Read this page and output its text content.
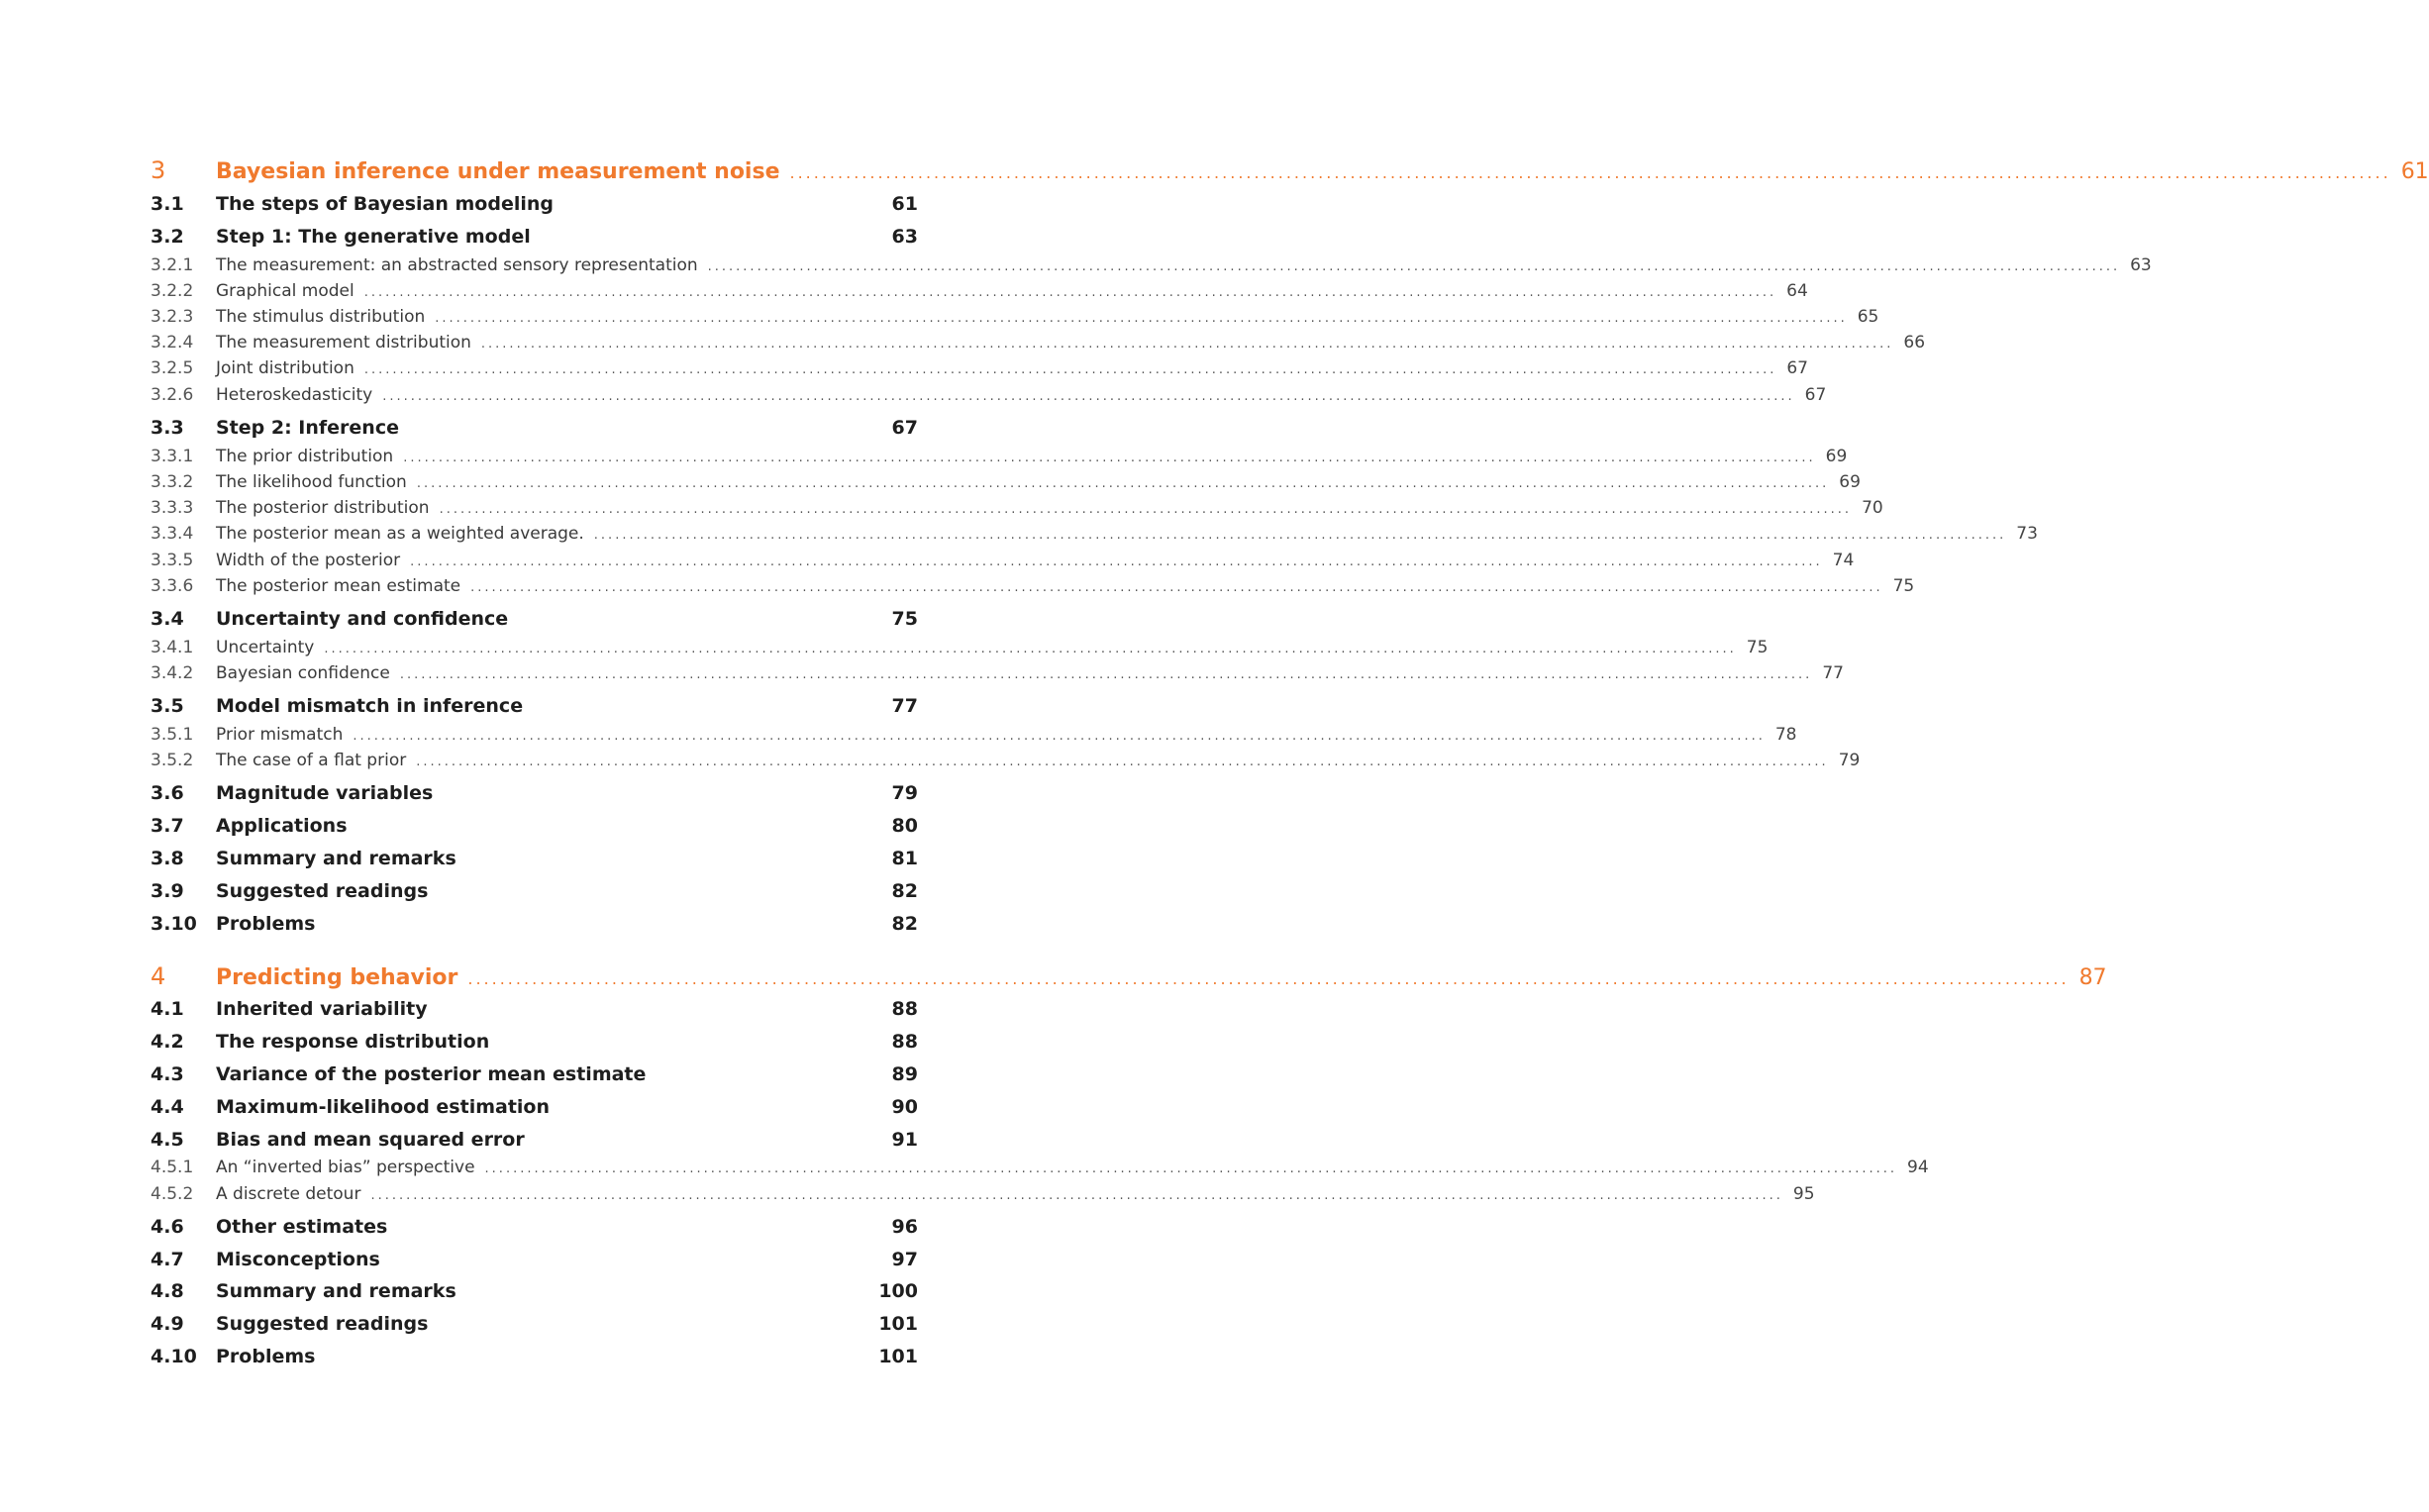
3	Bayesian inference under measurement noise ........................................................................................................................................................................................................ 61
3.1	The steps of Bayesian modeling	61
3.2	Step 1: The generative model	63
3.2.1	The measurement: an abstracted sensory representation ........................................................................................................................................................................................................ 63
3.2.2	Graphical model ........................................................................................................................................................................................................ 64
3.2.3	The stimulus distribution ........................................................................................................................................................................................................ 65
3.2.4	The measurement distribution ........................................................................................................................................................................................................ 66
3.2.5	Joint distribution ........................................................................................................................................................................................................ 67
3.2.6	Heteroskedasticity ........................................................................................................................................................................................................ 67
3.3	Step 2: Inference	67
3.3.1	The prior distribution ........................................................................................................................................................................................................ 69
3.3.2	The likelihood function ........................................................................................................................................................................................................ 69
3.3.3	The posterior distribution ........................................................................................................................................................................................................ 70
3.3.4	The posterior mean as a weighted average. ........................................................................................................................................................................................................ 73
3.3.5	Width of the posterior ........................................................................................................................................................................................................ 74
3.3.6	The posterior mean estimate ........................................................................................................................................................................................................ 75
3.4	Uncertainty and confidence	75
3.4.1	Uncertainty ........................................................................................................................................................................................................ 75
3.4.2	Bayesian confidence ........................................................................................................................................................................................................ 77
3.5	Model mismatch in inference	77
3.5.1	Prior mismatch ........................................................................................................................................................................................................ 78
3.5.2	The case of a flat prior ........................................................................................................................................................................................................ 79
3.6	Magnitude variables	79
3.7	Applications	80
3.8	Summary and remarks	81
3.9	Suggested readings	82
3.10	Problems	82
4	Predicting behavior ........................................................................................................................................................................................................ 87
4.1	Inherited variability	88
4.2	The response distribution	88
4.3	Variance of the posterior mean estimate	89
4.4	Maximum-likelihood estimation	90
4.5	Bias and mean squared error	91
4.5.1	An “inverted bias” perspective ........................................................................................................................................................................................................ 94
4.5.2	A discrete detour ........................................................................................................................................................................................................ 95
4.6	Other estimates	96
4.7	Misconceptions	97
4.8	Summary and remarks	100
4.9	Suggested readings	101
4.10	Problems	101
